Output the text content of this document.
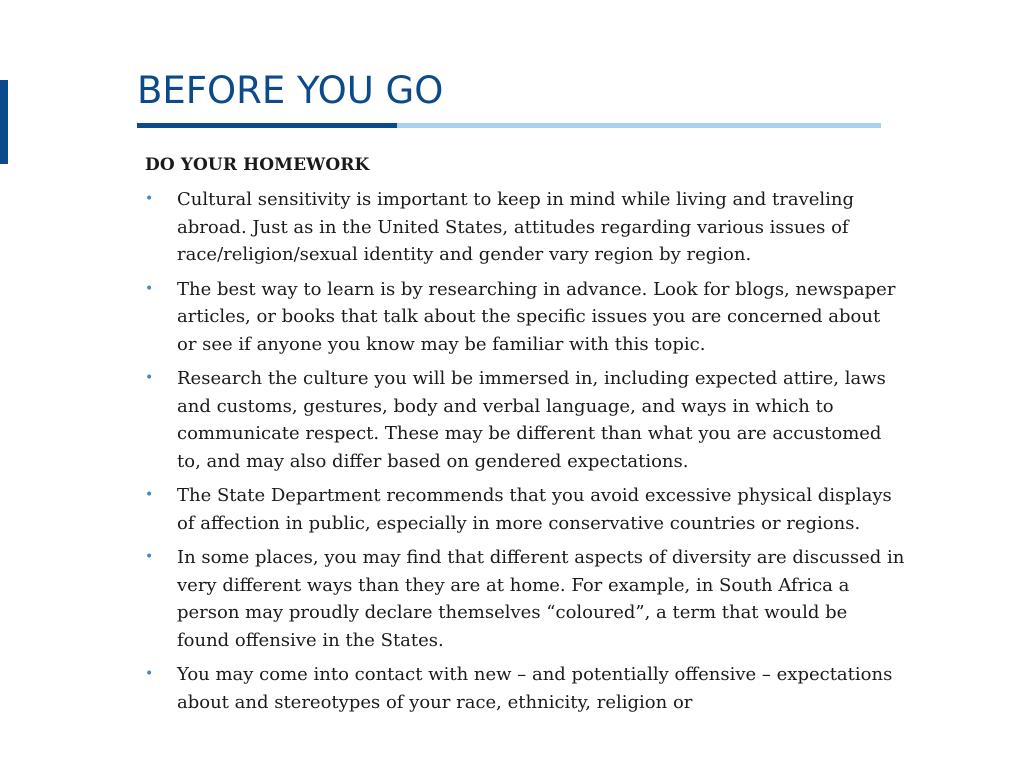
BEFORE YOU GO
DO YOUR HOMEWORK
• Cultural sensitivity is important to keep in mind while living and traveling abroad. Just as in the United States, attitudes regarding various issues of race/religion/sexual identity and gender vary region by region.
• The best way to learn is by researching in advance. Look for blogs, newspaper articles, or books that talk about the specific issues you are concerned about or see if anyone you know may be familiar with this topic.
• Research the culture you will be immersed in, including expected attire, laws and customs, gestures, body and verbal language, and ways in which to communicate respect. These may be different than what you are accustomed to, and may also differ based on gendered expectations.
• The State Department recommends that you avoid excessive physical displays of affection in public, especially in more conservative countries or regions.
• In some places, you may find that different aspects of diversity are discussed in very different ways than they are at home. For example, in South Africa a person may proudly declare themselves “coloured”, a term that would be found offensive in the States.
• You may come into contact with new – and potentially offensive – expectations about and stereotypes of your race, ethnicity, religion or
